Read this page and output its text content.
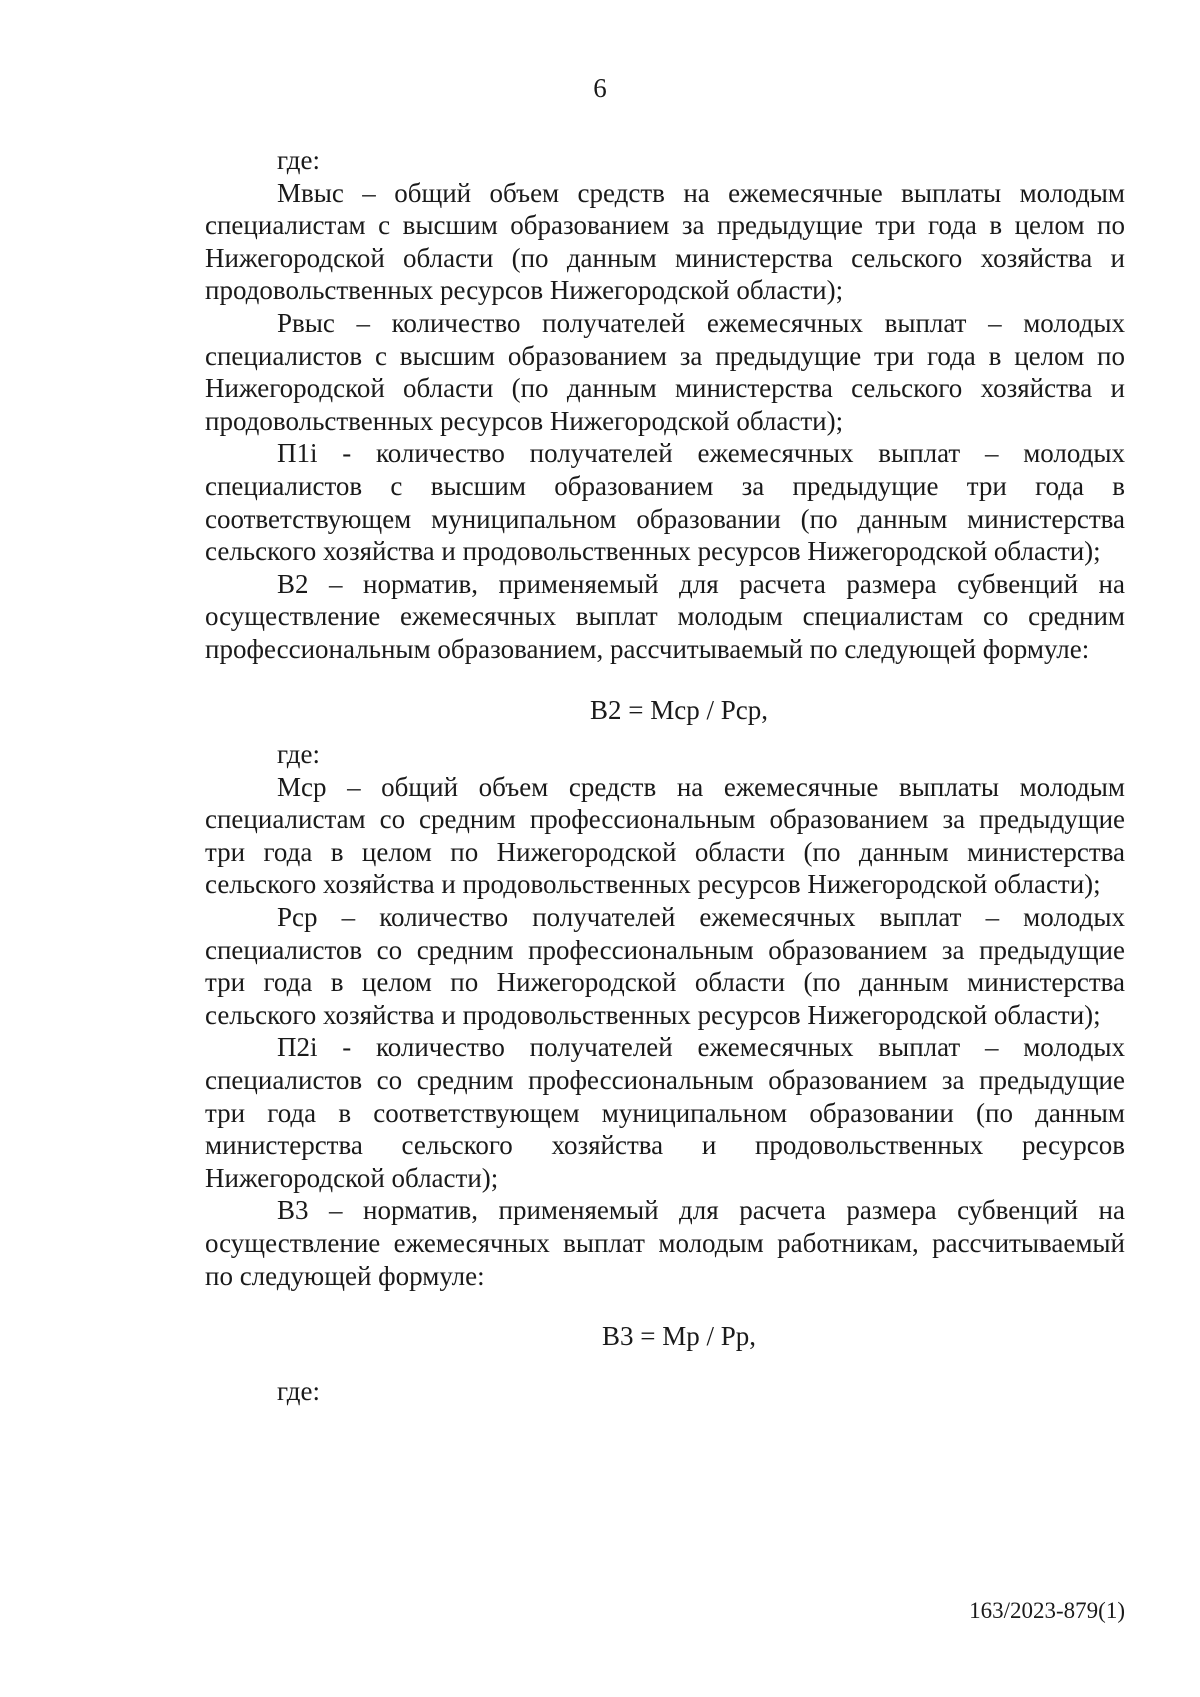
6

где:

Мвыс – общий объем средств на ежемесячные выплаты молодым специалистам с высшим образованием за предыдущие три года в целом по Нижегородской области (по данным министерства сельского хозяйства и продовольственных ресурсов Нижегородской области);

Рвыс – количество получателей ежемесячных выплат – молодых специалистов с высшим образованием за предыдущие три года в целом по Нижегородской области (по данным министерства сельского хозяйства и продовольственных ресурсов Нижегородской области);

П1i - количество получателей ежемесячных выплат – молодых специалистов с высшим образованием за предыдущие три года в соответствующем муниципальном образовании (по данным министерства сельского хозяйства и продовольственных ресурсов Нижегородской области);

В2 – норматив, применяемый для расчета размера субвенций на осуществление ежемесячных выплат молодым специалистам со средним профессиональным образованием, рассчитываемый по следующей формуле:

В2 = Мср / Рср,

где:

Мср – общий объем средств на ежемесячные выплаты молодым специалистам со средним профессиональным образованием за предыдущие три года в целом по Нижегородской области (по данным министерства сельского хозяйства и продовольственных ресурсов Нижегородской области);

Рср – количество получателей ежемесячных выплат – молодых специалистов со средним профессиональным образованием за предыдущие три года в целом по Нижегородской области (по данным министерства сельского хозяйства и продовольственных ресурсов Нижегородской области);

П2i - количество получателей ежемесячных выплат – молодых специалистов со средним профессиональным образованием за предыдущие три года в соответствующем муниципальном образовании (по данным министерства сельского хозяйства и продовольственных ресурсов Нижегородской области);

В3 – норматив, применяемый для расчета размера субвенций на осуществление ежемесячных выплат молодым работникам, рассчитываемый по следующей формуле:

В3 = Мр / Рр,

где:

163/2023-879(1)
